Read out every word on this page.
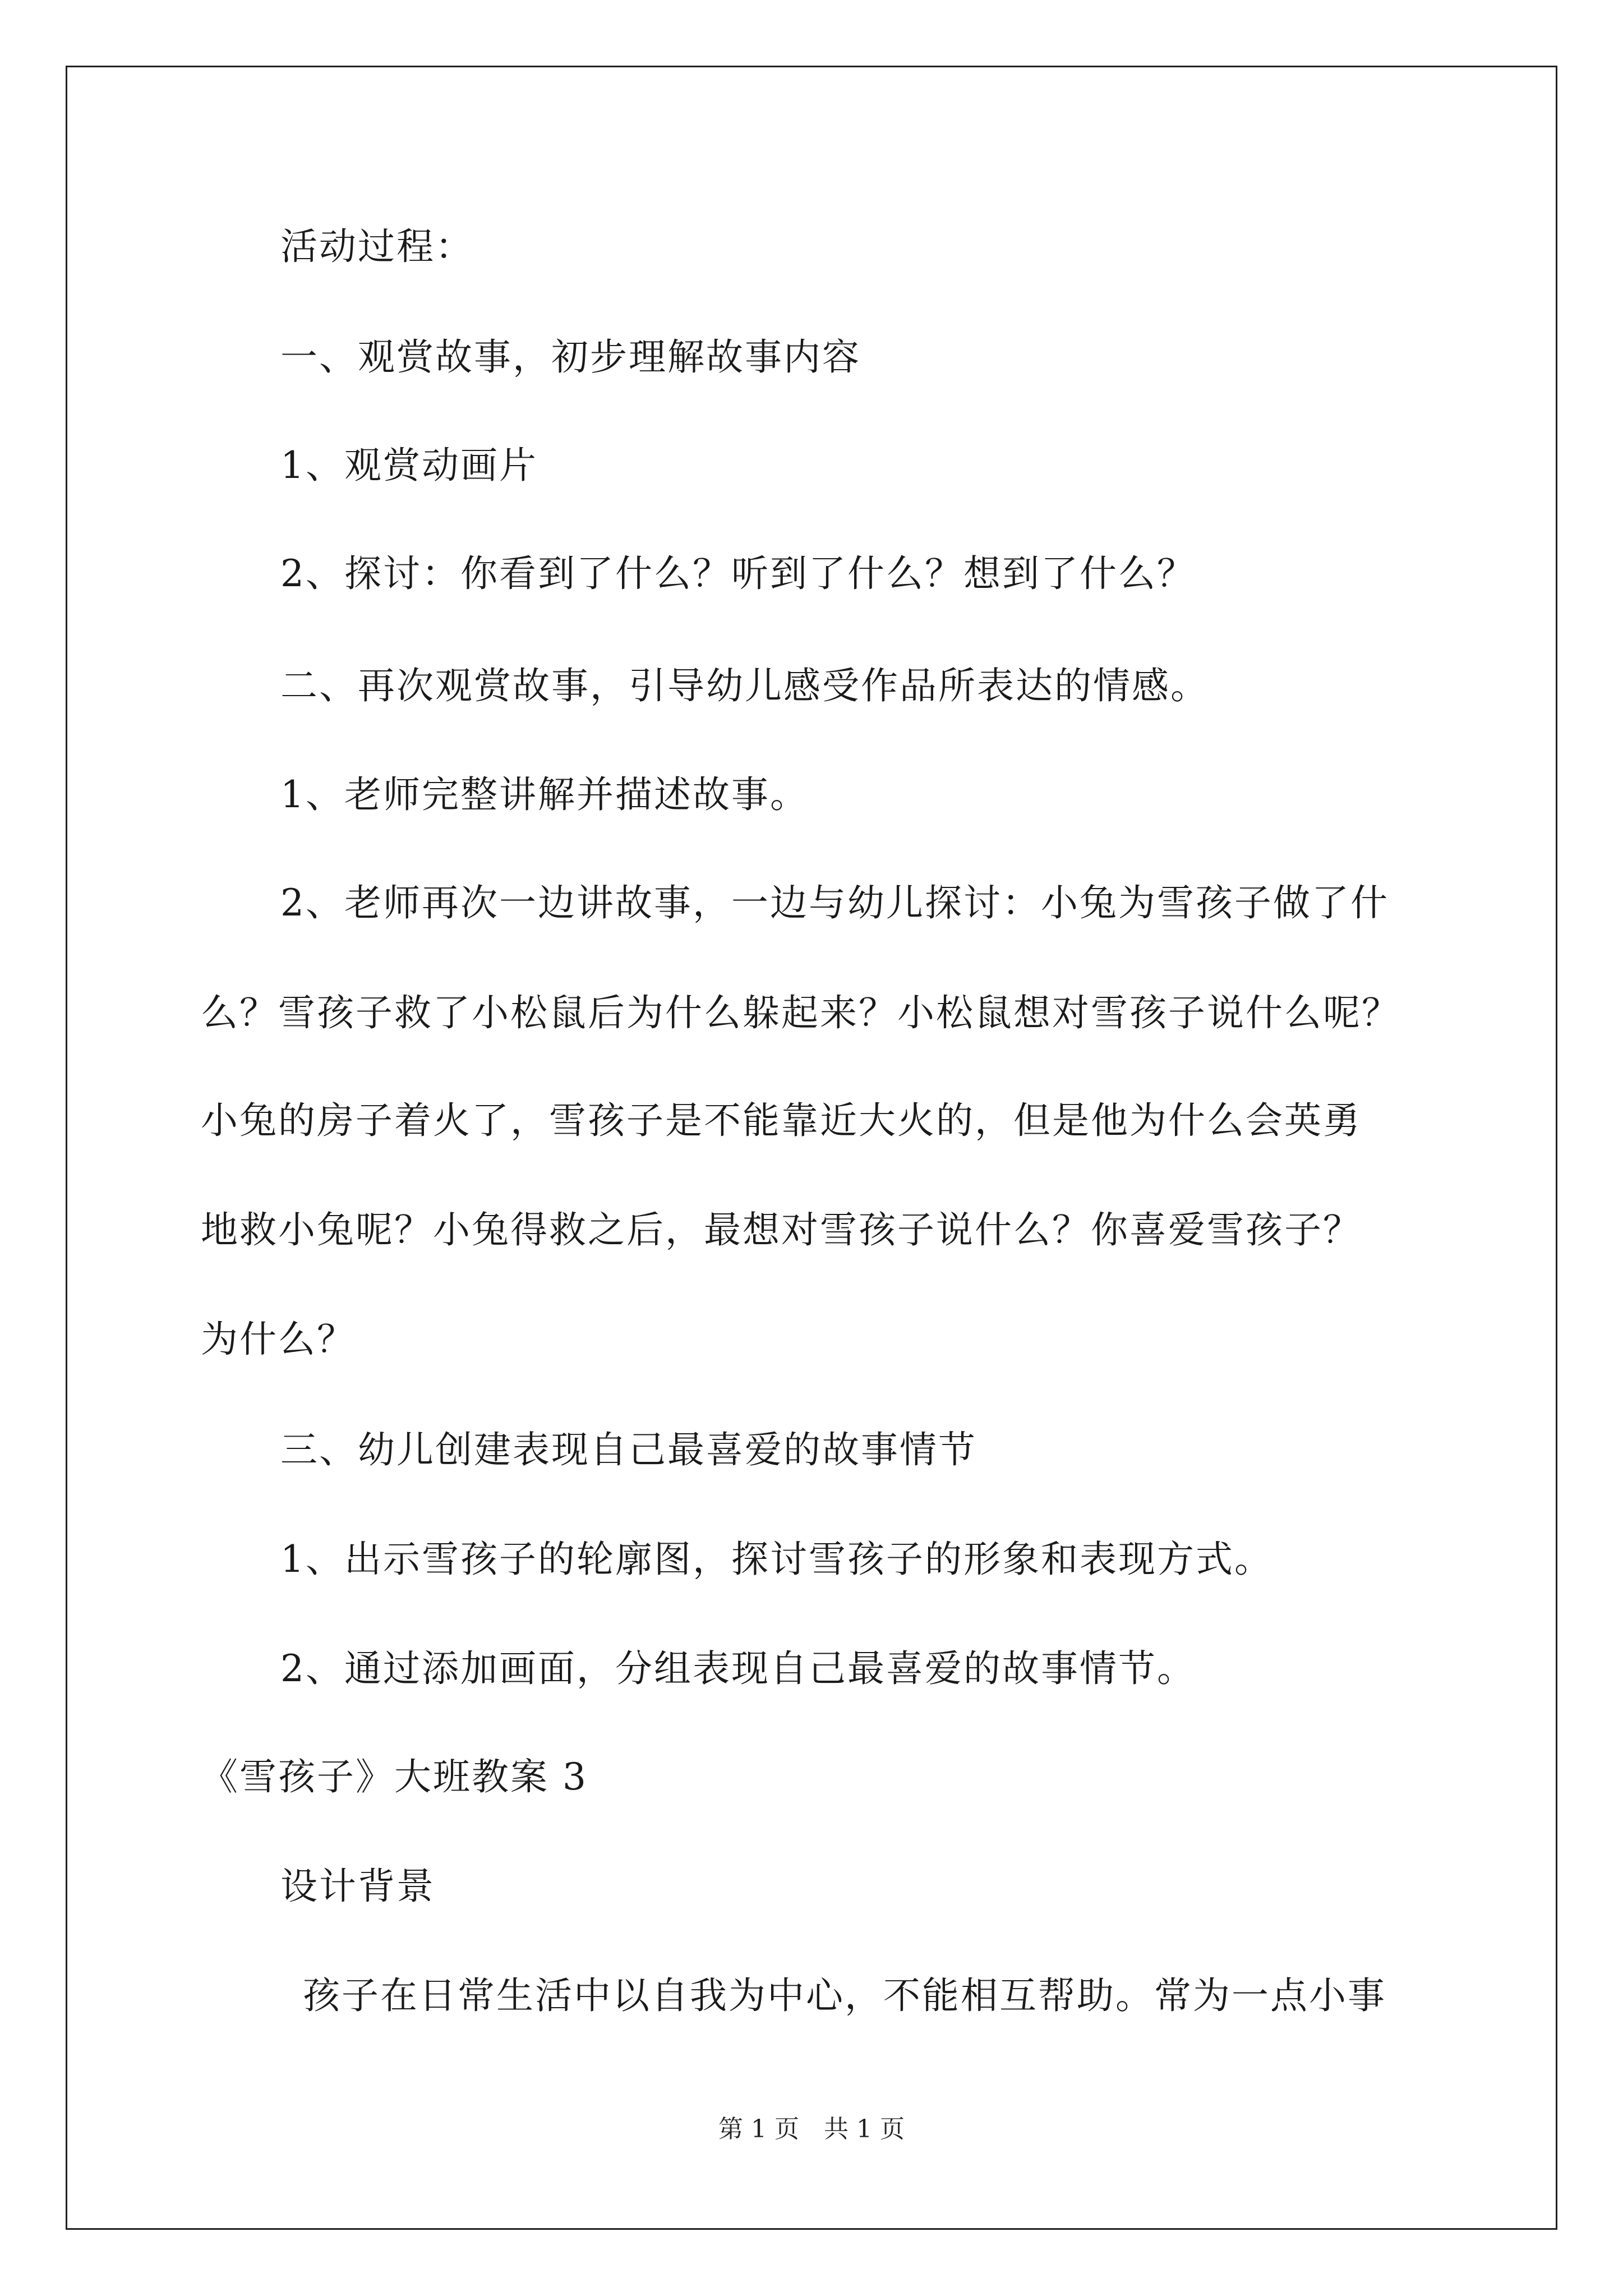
活动过程：
一、观赏故事，初步理解故事内容
1、观赏动画片
2、探讨：你看到了什么？听到了什么？想到了什么？
二、再次观赏故事，引导幼儿感受作品所表达的情感。
1、老师完整讲解并描述故事。
2、老师再次一边讲故事，一边与幼儿探讨：小兔为雪孩子做了什
么？雪孩子救了小松鼠后为什么躲起来？小松鼠想对雪孩子说什么呢？
小兔的房子着火了，雪孩子是不能靠近大火的，但是他为什么会英勇
地救小兔呢？小兔得救之后，最想对雪孩子说什么？你喜爱雪孩子？
为什么？
三、幼儿创建表现自己最喜爱的故事情节
1、出示雪孩子的轮廓图，探讨雪孩子的形象和表现方式。
2、通过添加画面，分组表现自己最喜爱的故事情节。
《雪孩子》大班教案 3
设计背景
孩子在日常生活中以自我为中心，不能相互帮助。常为一点小事
第 1 页　共 1 页
